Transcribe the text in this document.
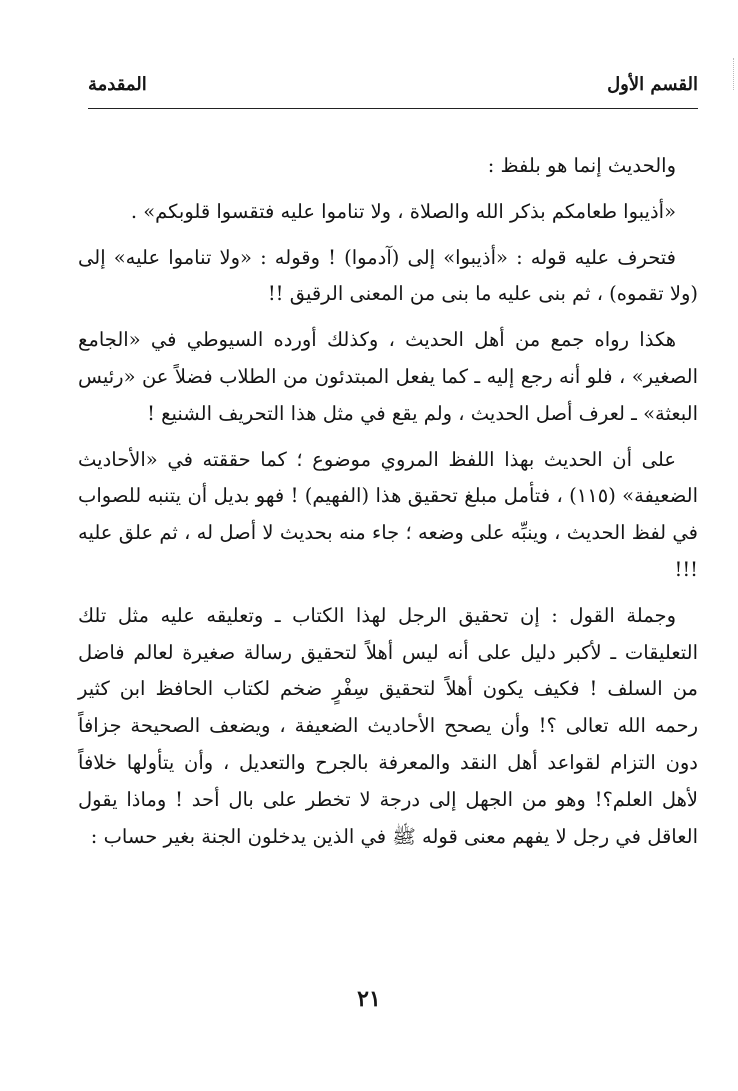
القسم الأول
المقدمة

والحديث إنما هو بلفظ :

«أذيبوا طعامكم بذكر الله والصلاة ، ولا تناموا عليه فتقسوا قلوبكم» .

فتحرف عليه قوله : «أذيبوا» إلى (آدموا) ! وقوله : «ولا تناموا عليه» إلى (ولا تقموه) ، ثم بنى عليه ما بنى من المعنى الرقيق !!

هكذا رواه جمع من أهل الحديث ، وكذلك أورده السيوطي في «الجامع الصغير» ، فلو أنه رجع إليه ـ كما يفعل المبتدئون من الطلاب فضلاً عن «رئيس البعثة» ـ لعرف أصل الحديث ، ولم يقع في مثل هذا التحريف الشنيع !

على أن الحديث بهذا اللفظ المروي موضوع ؛ كما حققته في «الأحاديث الضعيفة» (١١٥) ، فتأمل مبلغ تحقيق هذا (الفهيم) ! فهو بديل أن يتنبه للصواب في لفظ الحديث ، وينبِّه على وضعه ؛ جاء منه بحديث لا أصل له ، ثم علق عليه !!!

وجملة القول : إن تحقيق الرجل لهذا الكتاب ـ وتعليقه عليه مثل تلك التعليقات ـ لأكبر دليل على أنه ليس أهلاً لتحقيق رسالة صغيرة لعالم فاضل من السلف ! فكيف يكون أهلاً لتحقيق سِفْرٍ ضخم لكتاب الحافظ ابن كثير رحمه الله تعالى ؟! وأن يصحح الأحاديث الضعيفة ، ويضعف الصحيحة جزافاً دون التزام لقواعد أهل النقد والمعرفة بالجرح والتعديل ، وأن يتأولها خلافاً لأهل العلم؟! وهو من الجهل إلى درجة لا تخطر على بال أحد ! وماذا يقول العاقل في رجل لا يفهم معنى قوله ﷺ في الذين يدخلون الجنة بغير حساب :

٢١
